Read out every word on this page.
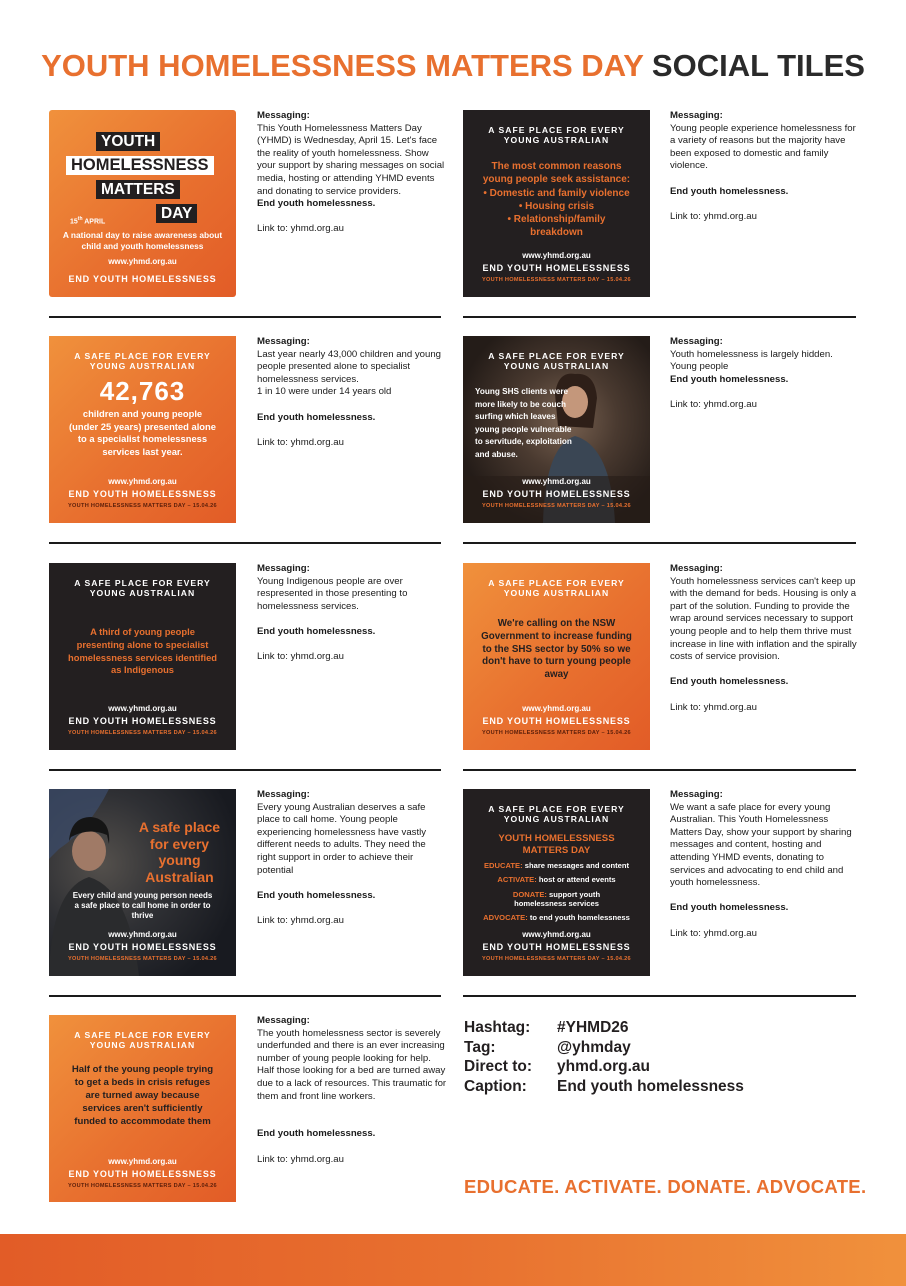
YOUTH HOMELESSNESS MATTERS DAY SOCIAL TILES
YOUTH
HOMELESSNESS
MATTERS
15th APRIL	DAY
A national day to raise awareness about child and youth homelessness
www.yhmd.org.au
END YOUTH HOMELESSNESS

Messaging:

This Youth Homelessness Matters Day (YHMD) is Wednesday, April 15. Let's face the reality of youth homelessness. Show your support by sharing messages on social media, hosting or attending YHMD events and donating to service providers.

End youth homelessness.

Link to: yhmd.org.au

A SAFE PLACE FOR EVERY YOUNG AUSTRALIAN
The most common reasons
young people seek assistance:
• Domestic and family violence
• Housing crisis
• Relationship/family
breakdown
www.yhmd.org.au
END YOUTH HOMELESSNESS
YOUTH HOMELESSNESS MATTERS DAY – 15.04.26

Messaging:

Young people experience homelessness for a variety of reasons but the majority have been exposed to domestic and family violence.

End youth homelessness.

Link to: yhmd.org.au

A SAFE PLACE FOR EVERY YOUNG AUSTRALIAN
42,763
children and young people (under 25 years) presented alone to a specialist homelessness services last year.
www.yhmd.org.au
END YOUTH HOMELESSNESS
YOUTH HOMELESSNESS MATTERS DAY – 15.04.26

Messaging:

Last year nearly 43,000 children and young people presented alone to specialist homelessness services.

1 in 10 were under 14 years old

End youth homelessness.

Link to: yhmd.org.au

A SAFE PLACE FOR EVERY YOUNG AUSTRALIAN
Young SHS clients were more likely to be couch surfing which leaves young people vulnerable to servitude, exploitation and abuse.
www.yhmd.org.au
END YOUTH HOMELESSNESS
YOUTH HOMELESSNESS MATTERS DAY – 15.04.26

Messaging:

Youth homelessness is largely hidden.

Young people

End youth homelessness.

Link to: yhmd.org.au

A SAFE PLACE FOR EVERY YOUNG AUSTRALIAN
A third of young people presenting alone to specialist homelessness services identified as Indigenous
www.yhmd.org.au
END YOUTH HOMELESSNESS
YOUTH HOMELESSNESS MATTERS DAY – 15.04.26

Messaging:

Young Indigenous people are over respresented in those presenting to homelessness services.

End youth homelessness.

Link to: yhmd.org.au

A SAFE PLACE FOR EVERY YOUNG AUSTRALIAN
We're calling on the NSW Government to increase funding to the SHS sector by 50% so we don't have to turn young people away
www.yhmd.org.au
END YOUTH HOMELESSNESS
YOUTH HOMELESSNESS MATTERS DAY – 15.04.26

Messaging:

Youth homelessness services can't keep up with the demand for beds. Housing is only a part of the solution. Funding to provide the wrap around services necessary to support young people and to help them thrive must increase in line with inflation and the spirally costs of service provision.

End youth homelessness.

Link to: yhmd.org.au

A safe place for every young Australian
Every child and young person needs a safe place to call home in order to thrive
www.yhmd.org.au
END YOUTH HOMELESSNESS
YOUTH HOMELESSNESS MATTERS DAY – 15.04.26

Messaging:

Every young Australian deserves a safe place to call home. Young people experiencing homelessness have vastly different needs to adults. They need the right support in order to achieve their potential

End youth homelessness.

Link to: yhmd.org.au

A SAFE PLACE FOR EVERY YOUNG AUSTRALIAN
YOUTH HOMELESSNESS
MATTERS DAY
EDUCATE: share messages and content
ACTIVATE: host or attend events
DONATE: support youth homelessness services
ADVOCATE: to end youth homelessness
www.yhmd.org.au
END YOUTH HOMELESSNESS
YOUTH HOMELESSNESS MATTERS DAY – 15.04.26

Messaging:

We want a safe place for every young Australian. This Youth Homelessness Matters Day, show your support by sharing messages and content, hosting and attending YHMD events, donating to services and advocating to end child and youth homelessness.

End youth homelessness.

Link to: yhmd.org.au

A SAFE PLACE FOR EVERY YOUNG AUSTRALIAN
Half of the young people trying to get a beds in crisis refuges are turned away because services aren't sufficiently funded to accommodate them
www.yhmd.org.au
END YOUTH HOMELESSNESS
YOUTH HOMELESSNESS MATTERS DAY – 15.04.26

Messaging:

The youth homelessness sector is severely underfunded and there is an ever increasing number of young people looking for help. Half those looking for a bed are turned away due to a lack of resources. This traumatic for them and front line workers.

End youth homelessness.

Link to: yhmd.org.au

Hashtag:	#YHMD26
Tag:	@yhmday
Direct to:	yhmd.org.au
Caption:	End youth homelessness
EDUCATE. ACTIVATE. DONATE. ADVOCATE.
